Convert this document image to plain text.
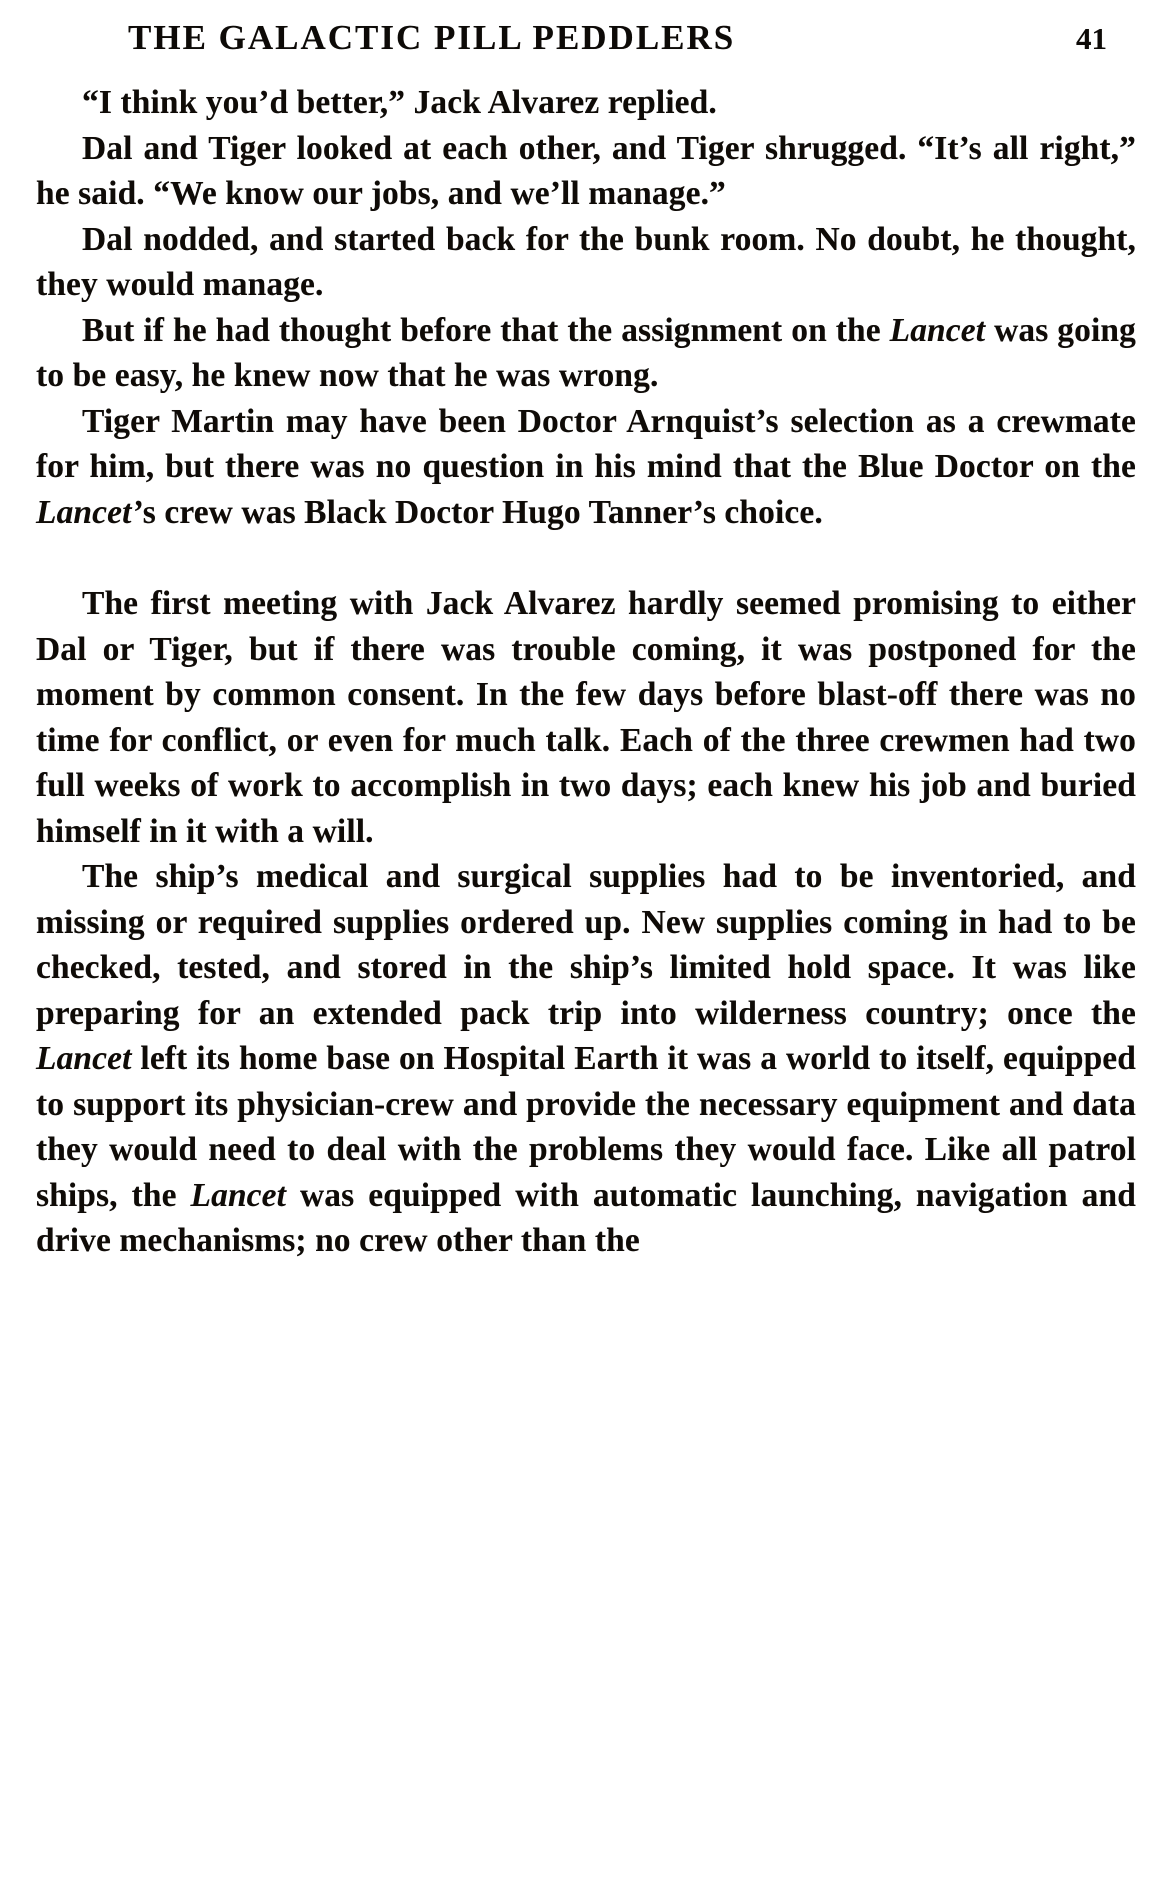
THE GALACTIC PILL PEDDLERS	41

“I think you’d better,” Jack Alvarez replied.

Dal and Tiger looked at each other, and Tiger shrugged. “It’s all right,” he said. “We know our jobs, and we’ll manage.”

Dal nodded, and started back for the bunk room. No doubt, he thought, they would manage.

But if he had thought before that the assignment on the Lancet was going to be easy, he knew now that he was wrong.

Tiger Martin may have been Doctor Arnquist’s selection as a crewmate for him, but there was no question in his mind that the Blue Doctor on the Lancet’s crew was Black Doctor Hugo Tanner’s choice.

The first meeting with Jack Alvarez hardly seemed promising to either Dal or Tiger, but if there was trouble coming, it was postponed for the moment by common consent. In the few days before blast-off there was no time for conflict, or even for much talk. Each of the three crewmen had two full weeks of work to accomplish in two days; each knew his job and buried himself in it with a will.

The ship’s medical and surgical supplies had to be inventoried, and missing or required supplies ordered up. New supplies coming in had to be checked, tested, and stored in the ship’s limited hold space. It was like preparing for an extended pack trip into wilderness country; once the Lancet left its home base on Hospital Earth it was a world to itself, equipped to support its physician-crew and provide the necessary equipment and data they would need to deal with the problems they would face. Like all patrol ships, the Lancet was equipped with automatic launching, navigation and drive mechanisms; no crew other than the
